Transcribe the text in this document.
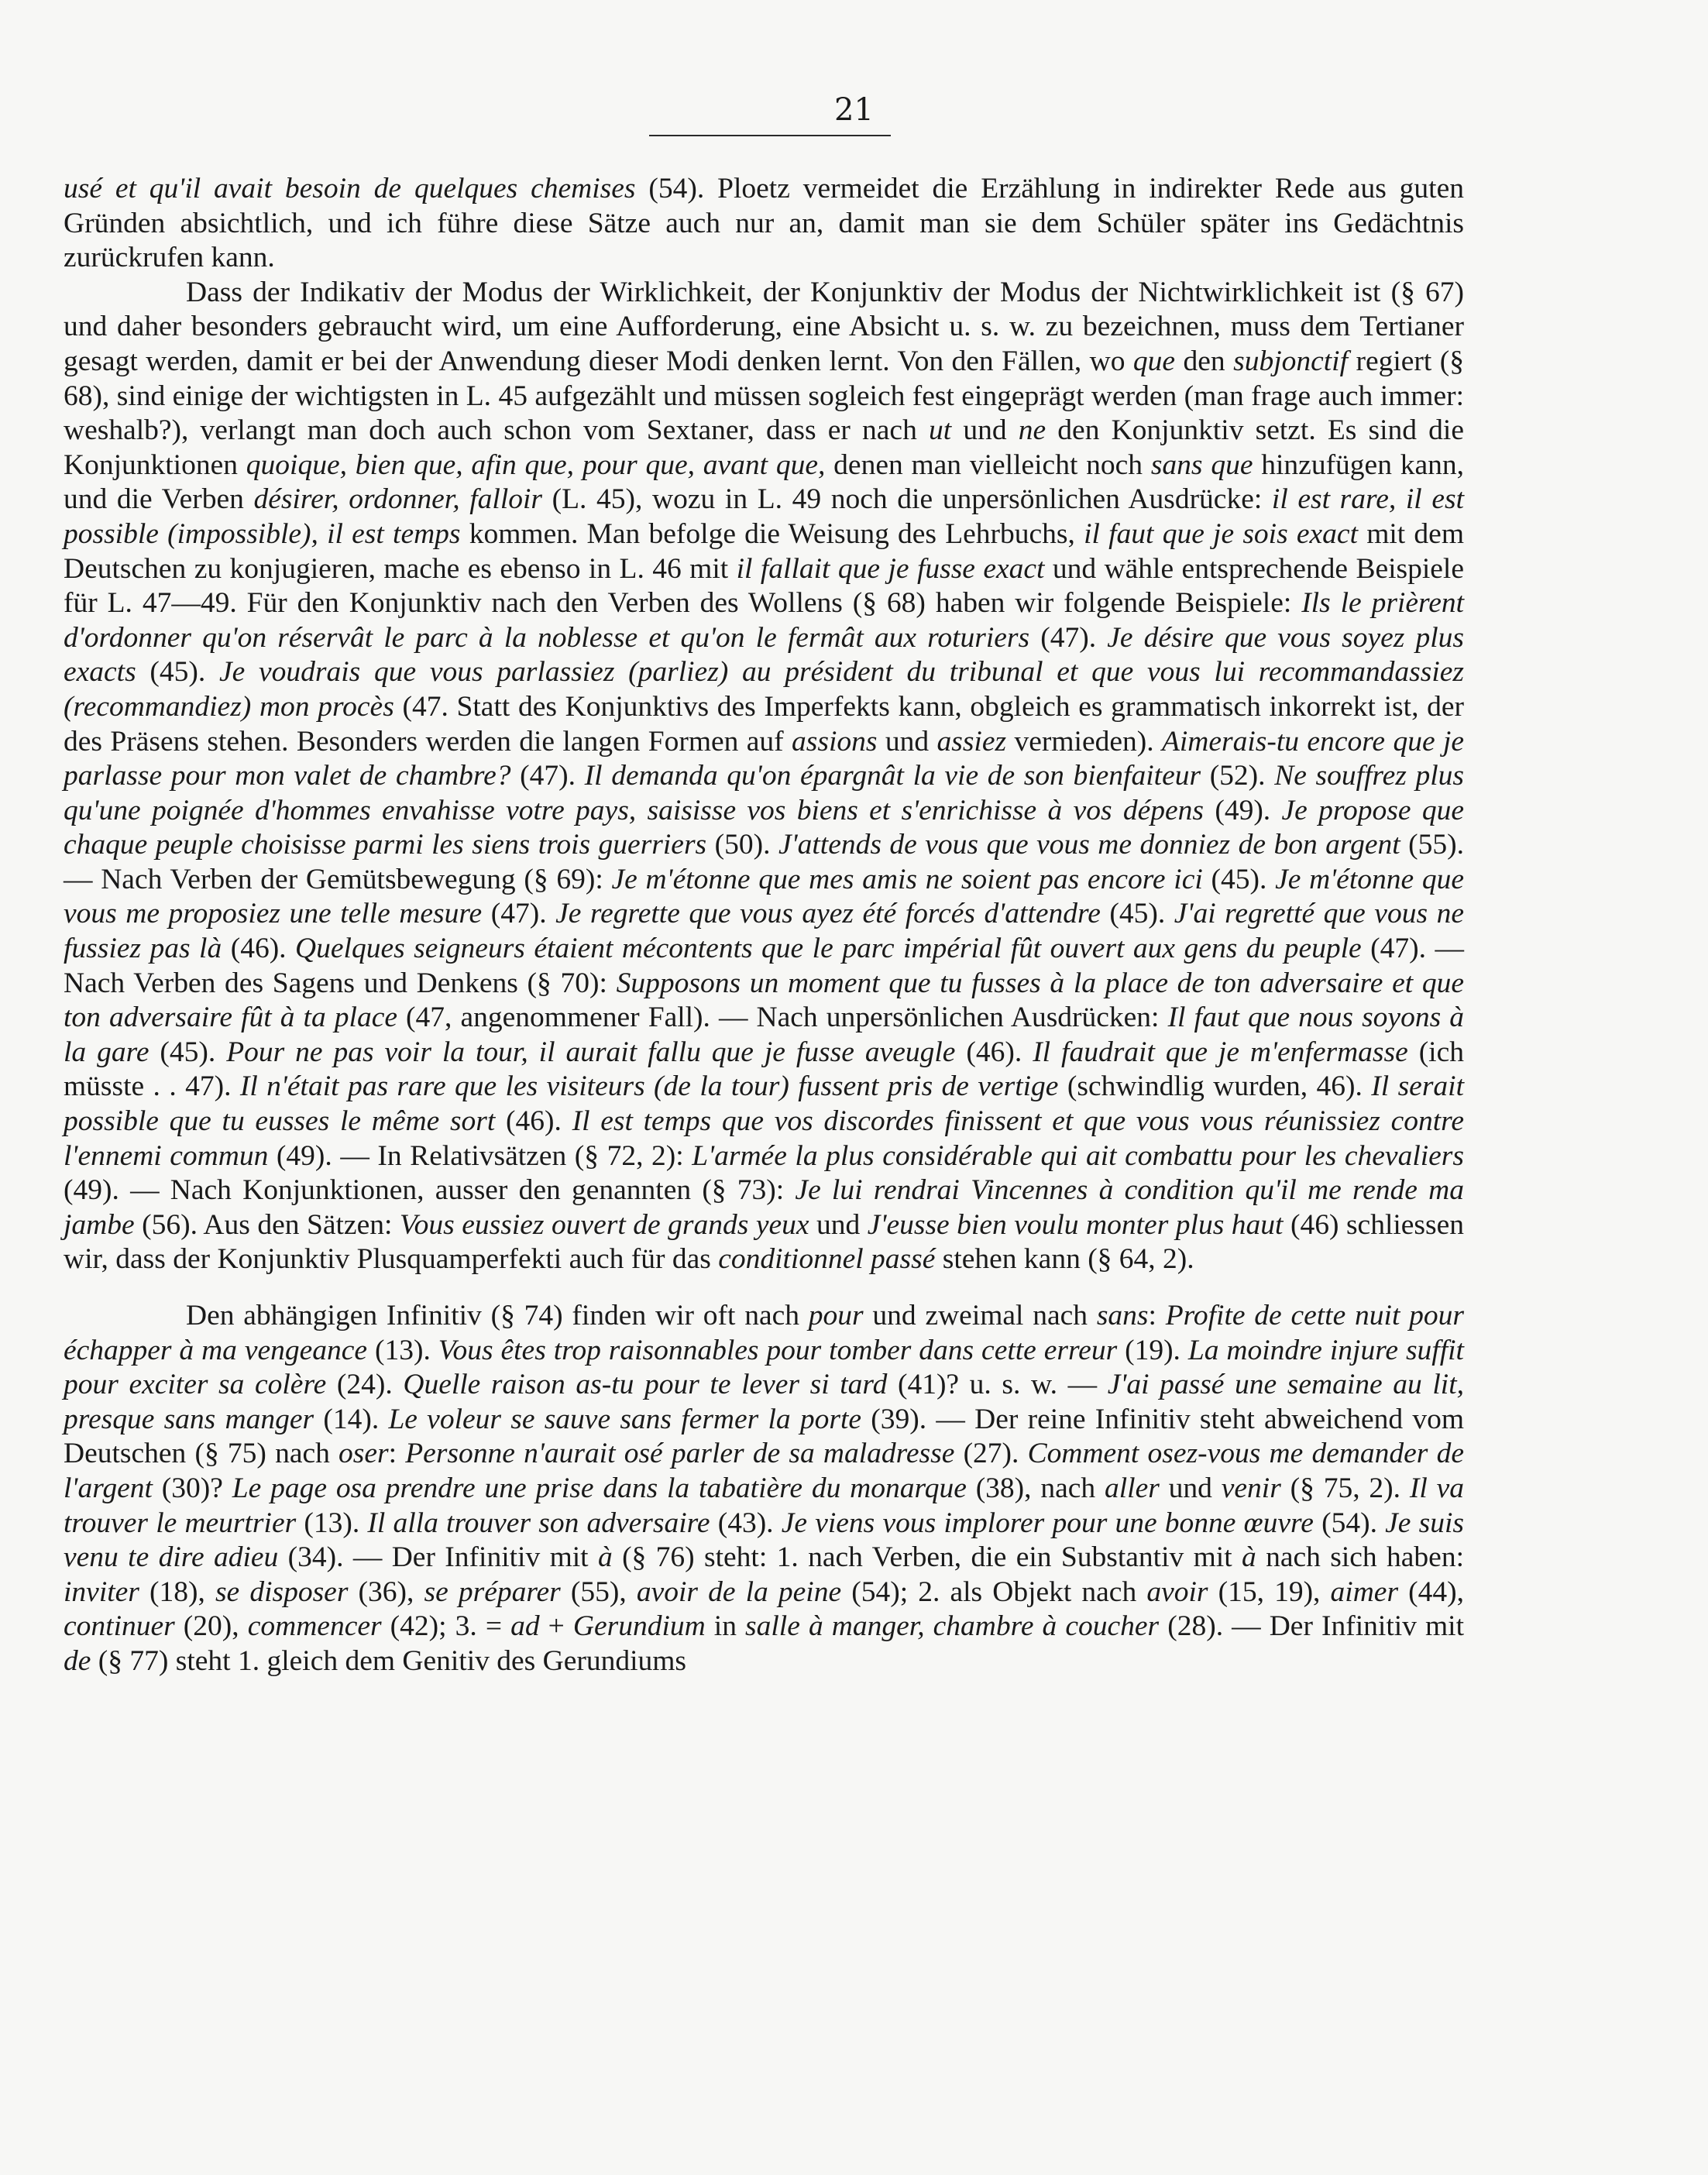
21

usé et qu'il avait besoin de quelques chemises (54). Ploetz vermeidet die Erzählung in indirekter Rede aus guten Gründen absichtlich, und ich führe diese Sätze auch nur an, damit man sie dem Schüler später ins Gedächtnis zurückrufen kann.

Dass der Indikativ der Modus der Wirklichkeit, der Konjunktiv der Modus der Nichtwirklichkeit ist (§ 67) und daher besonders gebraucht wird, um eine Aufforderung, eine Absicht u. s. w. zu bezeichnen, muss dem Tertianer gesagt werden, damit er bei der Anwendung dieser Modi denken lernt. Von den Fällen, wo que den subjonctif regiert (§ 68), sind einige der wichtigsten in L. 45 aufgezählt und müssen sogleich fest eingeprägt werden (man frage auch immer: weshalb?), verlangt man doch auch schon vom Sextaner, dass er nach ut und ne den Konjunktiv setzt. Es sind die Konjunktionen quoique, bien que, afin que, pour que, avant que, denen man vielleicht noch sans que hinzufügen kann, und die Verben désirer, ordonner, falloir (L. 45), wozu in L. 49 noch die unpersönlichen Ausdrücke: il est rare, il est possible (impossible), il est temps kommen. Man befolge die Weisung des Lehrbuchs, il faut que je sois exact mit dem Deutschen zu konjugieren, mache es ebenso in L. 46 mit il fallait que je fusse exact und wähle entsprechende Beispiele für L. 47—49. Für den Konjunktiv nach den Verben des Wollens (§ 68) haben wir folgende Beispiele: Ils le prièrent d'ordonner qu'on réservât le parc à la noblesse et qu'on le fermât aux roturiers (47). Je désire que vous soyez plus exacts (45). Je voudrais que vous parlassiez (parliez) au président du tribunal et que vous lui recommandassiez (recommandiez) mon procès (47. Statt des Konjunktivs des Imperfekts kann, obgleich es grammatisch inkorrekt ist, der des Präsens stehen. Besonders werden die langen Formen auf assions und assiez vermieden). Aimerais-tu encore que je parlasse pour mon valet de chambre? (47). Il demanda qu'on épargnât la vie de son bienfaiteur (52). Ne souffrez plus qu'une poignée d'hommes envahisse votre pays, saisisse vos biens et s'enrichisse à vos dépens (49). Je propose que chaque peuple choisisse parmi les siens trois guerriers (50). J'attends de vous que vous me donniez de bon argent (55). — Nach Verben der Gemütsbewegung (§ 69): Je m'étonne que mes amis ne soient pas encore ici (45). Je m'étonne que vous me proposiez une telle mesure (47). Je regrette que vous ayez été forcés d'attendre (45). J'ai regretté que vous ne fussiez pas là (46). Quelques seigneurs étaient mécontents que le parc impérial fût ouvert aux gens du peuple (47). — Nach Verben des Sagens und Denkens (§ 70): Supposons un moment que tu fusses à la place de ton adversaire et que ton adversaire fût à ta place (47, angenommener Fall). — Nach unpersönlichen Ausdrücken: Il faut que nous soyons à la gare (45). Pour ne pas voir la tour, il aurait fallu que je fusse aveugle (46). Il faudrait que je m'enfermasse (ich müsste . . 47). Il n'était pas rare que les visiteurs (de la tour) fussent pris de vertige (schwindlig wurden, 46). Il serait possible que tu eusses le même sort (46). Il est temps que vos discordes finissent et que vous vous réunissiez contre l'ennemi commun (49). — In Relativsätzen (§ 72, 2): L'armée la plus considérable qui ait combattu pour les chevaliers (49). — Nach Konjunktionen, ausser den genannten (§ 73): Je lui rendrai Vincennes à condition qu'il me rende ma jambe (56). Aus den Sätzen: Vous eussiez ouvert de grands yeux und J'eusse bien voulu monter plus haut (46) schliessen wir, dass der Konjunktiv Plusquamperfekti auch für das conditionnel passé stehen kann (§ 64, 2).

Den abhängigen Infinitiv (§ 74) finden wir oft nach pour und zweimal nach sans: Profite de cette nuit pour échapper à ma vengeance (13). Vous êtes trop raisonnables pour tomber dans cette erreur (19). La moindre injure suffit pour exciter sa colère (24). Quelle raison as-tu pour te lever si tard (41)? u. s. w. — J'ai passé une semaine au lit, presque sans manger (14). Le voleur se sauve sans fermer la porte (39). — Der reine Infinitiv steht abweichend vom Deutschen (§ 75) nach oser: Personne n'aurait osé parler de sa maladresse (27). Comment osez-vous me demander de l'argent (30)? Le page osa prendre une prise dans la tabatière du monarque (38), nach aller und venir (§ 75, 2). Il va trouver le meurtrier (13). Il alla trouver son adversaire (43). Je viens vous implorer pour une bonne œuvre (54). Je suis venu te dire adieu (34). — Der Infinitiv mit à (§ 76) steht: 1. nach Verben, die ein Substantiv mit à nach sich haben: inviter (18), se disposer (36), se préparer (55), avoir de la peine (54); 2. als Objekt nach avoir (15, 19), aimer (44), continuer (20), commencer (42); 3. = ad + Gerundium in salle à manger, chambre à coucher (28). — Der Infinitiv mit de (§ 77) steht 1. gleich dem Genitiv des Gerundiums
